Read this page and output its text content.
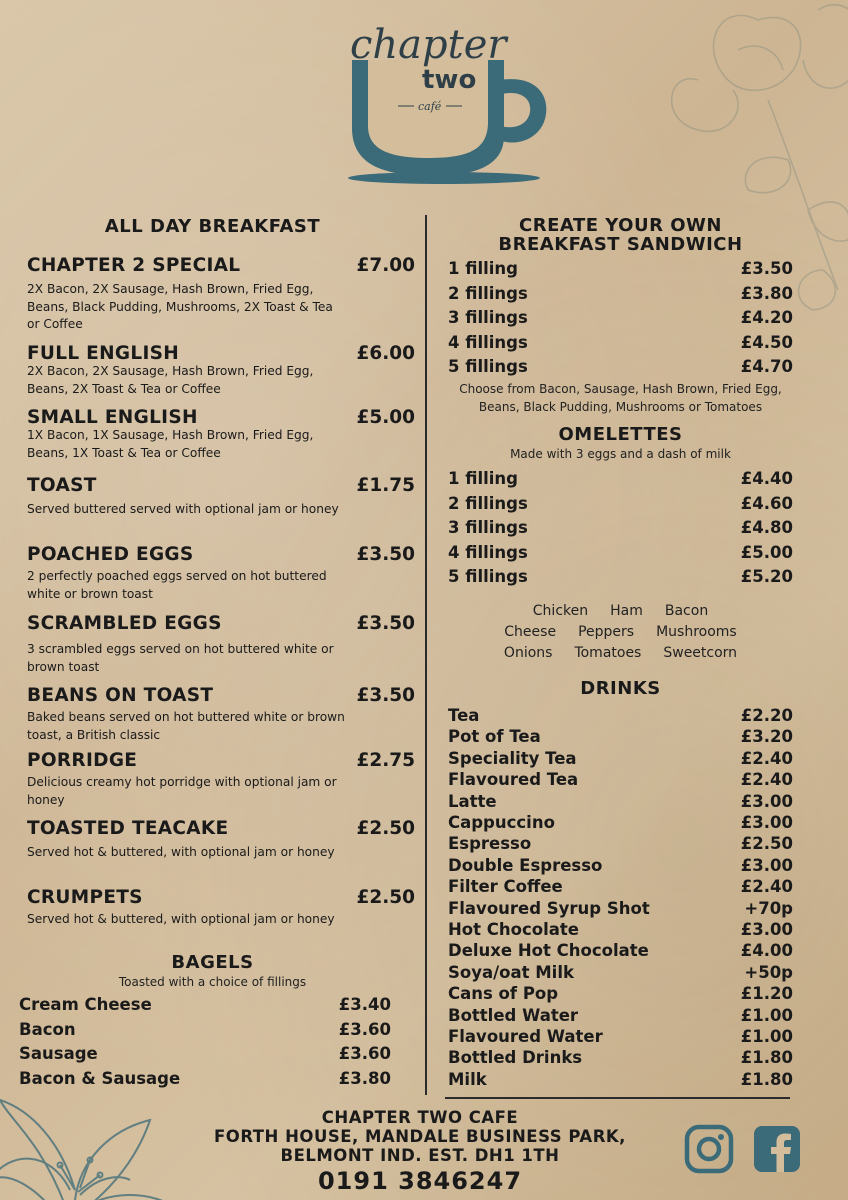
chapter
two
café
ALL DAY BREAKFAST
CHAPTER 2 SPECIAL	£7.00
2X Bacon, 2X Sausage, Hash Brown, Fried Egg, Beans, Black Pudding, Mushrooms, 2X Toast & Tea or Coffee
FULL ENGLISH	£6.00
2X Bacon, 2X Sausage, Hash Brown, Fried Egg, Beans, 2X Toast & Tea or Coffee
SMALL ENGLISH	£5.00
1X Bacon, 1X Sausage, Hash Brown, Fried Egg, Beans, 1X Toast & Tea or Coffee
TOAST	£1.75
Served buttered served with optional jam or honey
POACHED EGGS	£3.50
2 perfectly poached eggs served on hot buttered white or brown toast
SCRAMBLED EGGS	£3.50
3 scrambled eggs served on hot buttered white or brown toast
BEANS ON TOAST	£3.50
Baked beans served on hot buttered white or brown toast, a British classic
PORRIDGE	£2.75
Delicious creamy hot porridge with optional jam or honey
TOASTED TEACAKE	£2.50
Served hot & buttered, with optional jam or honey
CRUMPETS	£2.50
Served hot & buttered, with optional jam or honey
BAGELS
Toasted with a choice of fillings
Cream Cheese	£3.40
Bacon	£3.60
Sausage	£3.60
Bacon & Sausage	£3.80
CREATE YOUR OWN
BREAKFAST SANDWICH
1 filling	£3.50
2 fillings	£3.80
3 fillings	£4.20
4 fillings	£4.50
5 fillings	£4.70
Choose from Bacon, Sausage, Hash Brown, Fried Egg,
Beans, Black Pudding, Mushrooms or Tomatoes
OMELETTES
Made with 3 eggs and a dash of milk
1 filling	£4.40
2 fillings	£4.60
3 fillings	£4.80
4 fillings	£5.00
5 fillings	£5.20
Chicken Ham Bacon
Cheese Peppers Mushrooms
Onions Tomatoes Sweetcorn
DRINKS
Tea	£2.20
Pot of Tea	£3.20
Speciality Tea	£2.40
Flavoured Tea	£2.40
Latte	£3.00
Cappuccino	£3.00
Espresso	£2.50
Double Espresso	£3.00
Filter Coffee	£2.40
Flavoured Syrup Shot	+70p
Hot Chocolate	£3.00
Deluxe Hot Chocolate	£4.00
Soya/oat Milk	+50p
Cans of Pop	£1.20
Bottled Water	£1.00
Flavoured Water	£1.00
Bottled Drinks	£1.80
Milk	£1.80
CHAPTER TWO CAFE
FORTH HOUSE, MANDALE BUSINESS PARK,
BELMONT IND. EST. DH1 1TH
0191 3846247
